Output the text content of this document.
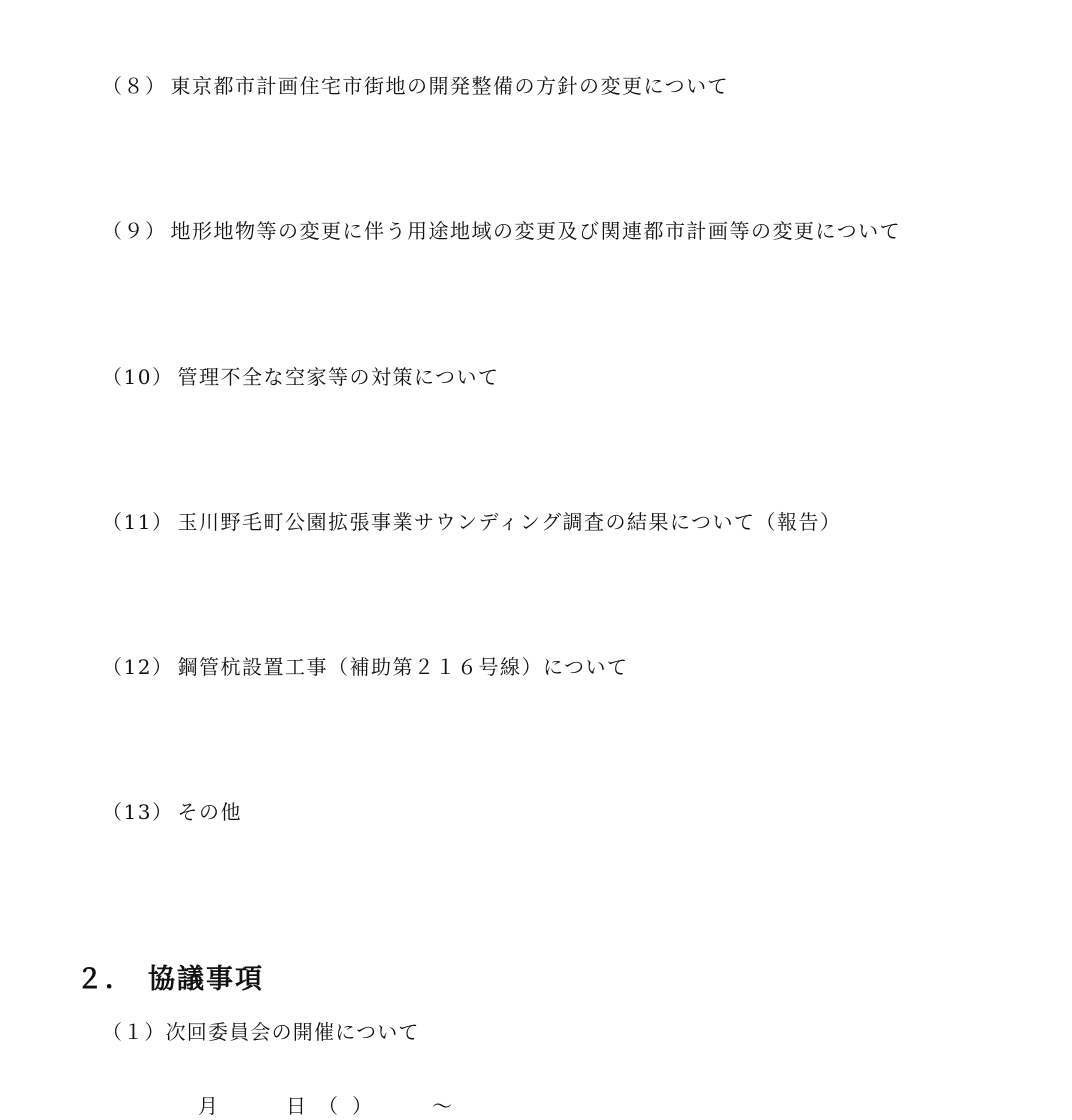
（８） 東京都市計画住宅市街地の開発整備の方針の変更について
（９） 地形地物等の変更に伴う用途地域の変更及び関連都市計画等の変更について
（10） 管理不全な空家等の対策について
（11） 玉川野毛町公園拡張事業サウンディング調査の結果について（報告）
（12） 鋼管杭設置工事（補助第２１６号線）について
（13） その他
２． 協議事項
（１）次回委員会の開催について
月	日 （） ～
